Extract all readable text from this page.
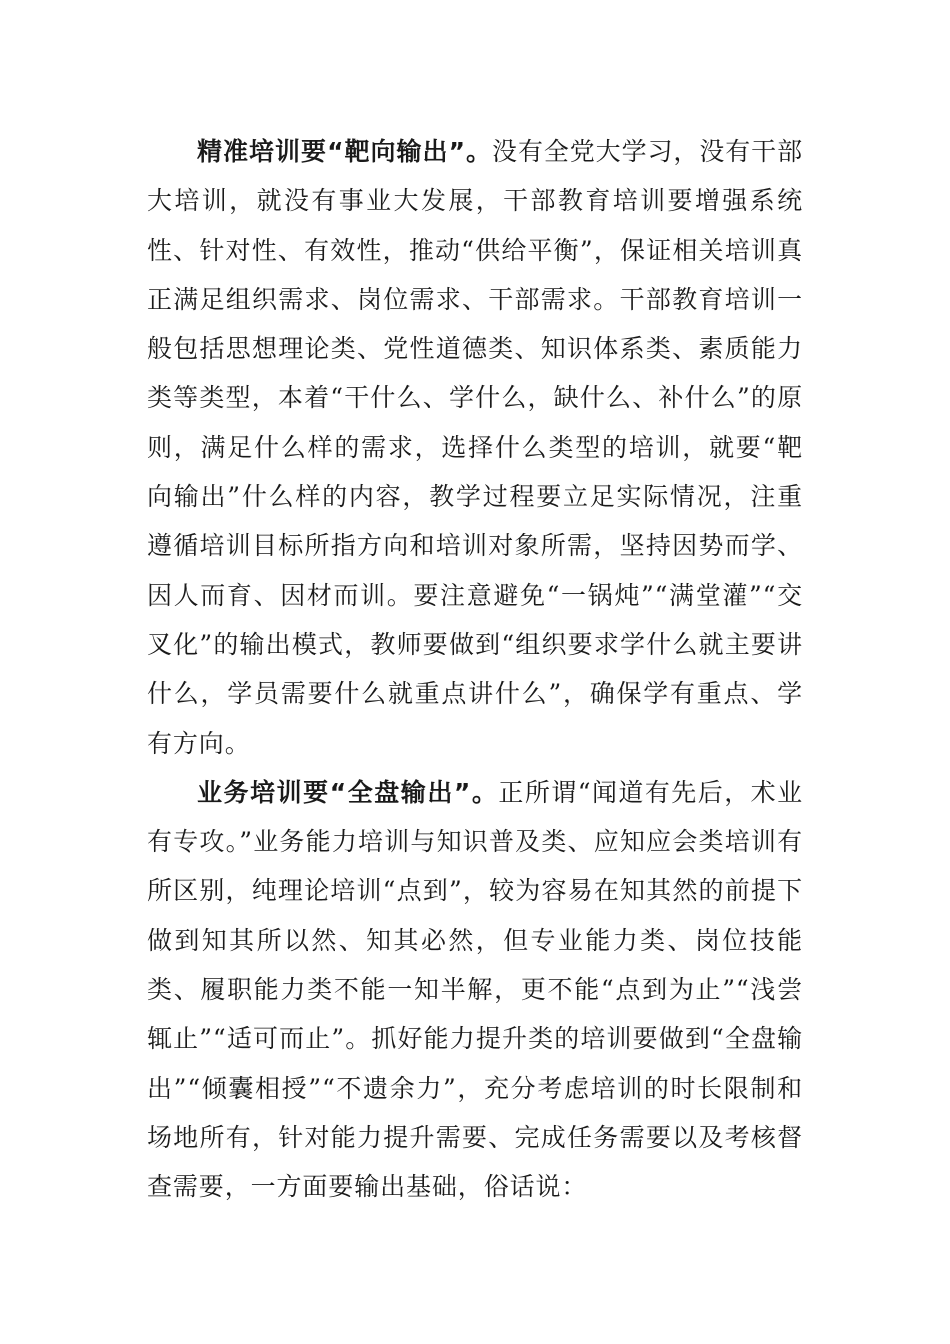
精准培训要“靶向输出”。没有全党大学习，没有干部大培训，就没有事业大发展，干部教育培训要增强系统性、针对性、有效性，推动“供给平衡”，保证相关培训真正满足组织需求、岗位需求、干部需求。干部教育培训一般包括思想理论类、党性道德类、知识体系类、素质能力类等类型，本着“干什么、学什么，缺什么、补什么”的原则，满足什么样的需求，选择什么类型的培训，就要“靶向输出”什么样的内容，教学过程要立足实际情况，注重遵循培训目标所指方向和培训对象所需，坚持因势而学、因人而育、因材而训。要注意避免“一锅炖”“满堂灌”“交叉化”的输出模式，教师要做到“组织要求学什么就主要讲什么，学员需要什么就重点讲什么”，确保学有重点、学有方向。

业务培训要“全盘输出”。正所谓“闻道有先后，术业有专攻。”业务能力培训与知识普及类、应知应会类培训有所区别，纯理论培训“点到”，较为容易在知其然的前提下做到知其所以然、知其必然，但专业能力类、岗位技能类、履职能力类不能一知半解，更不能“点到为止”“浅尝辄止”“适可而止”。抓好能力提升类的培训要做到“全盘输出”“倾囊相授”“不遗余力”，充分考虑培训的时长限制和场地所有，针对能力提升需要、完成任务需要以及考核督查需要，一方面要输出基础，俗话说：
